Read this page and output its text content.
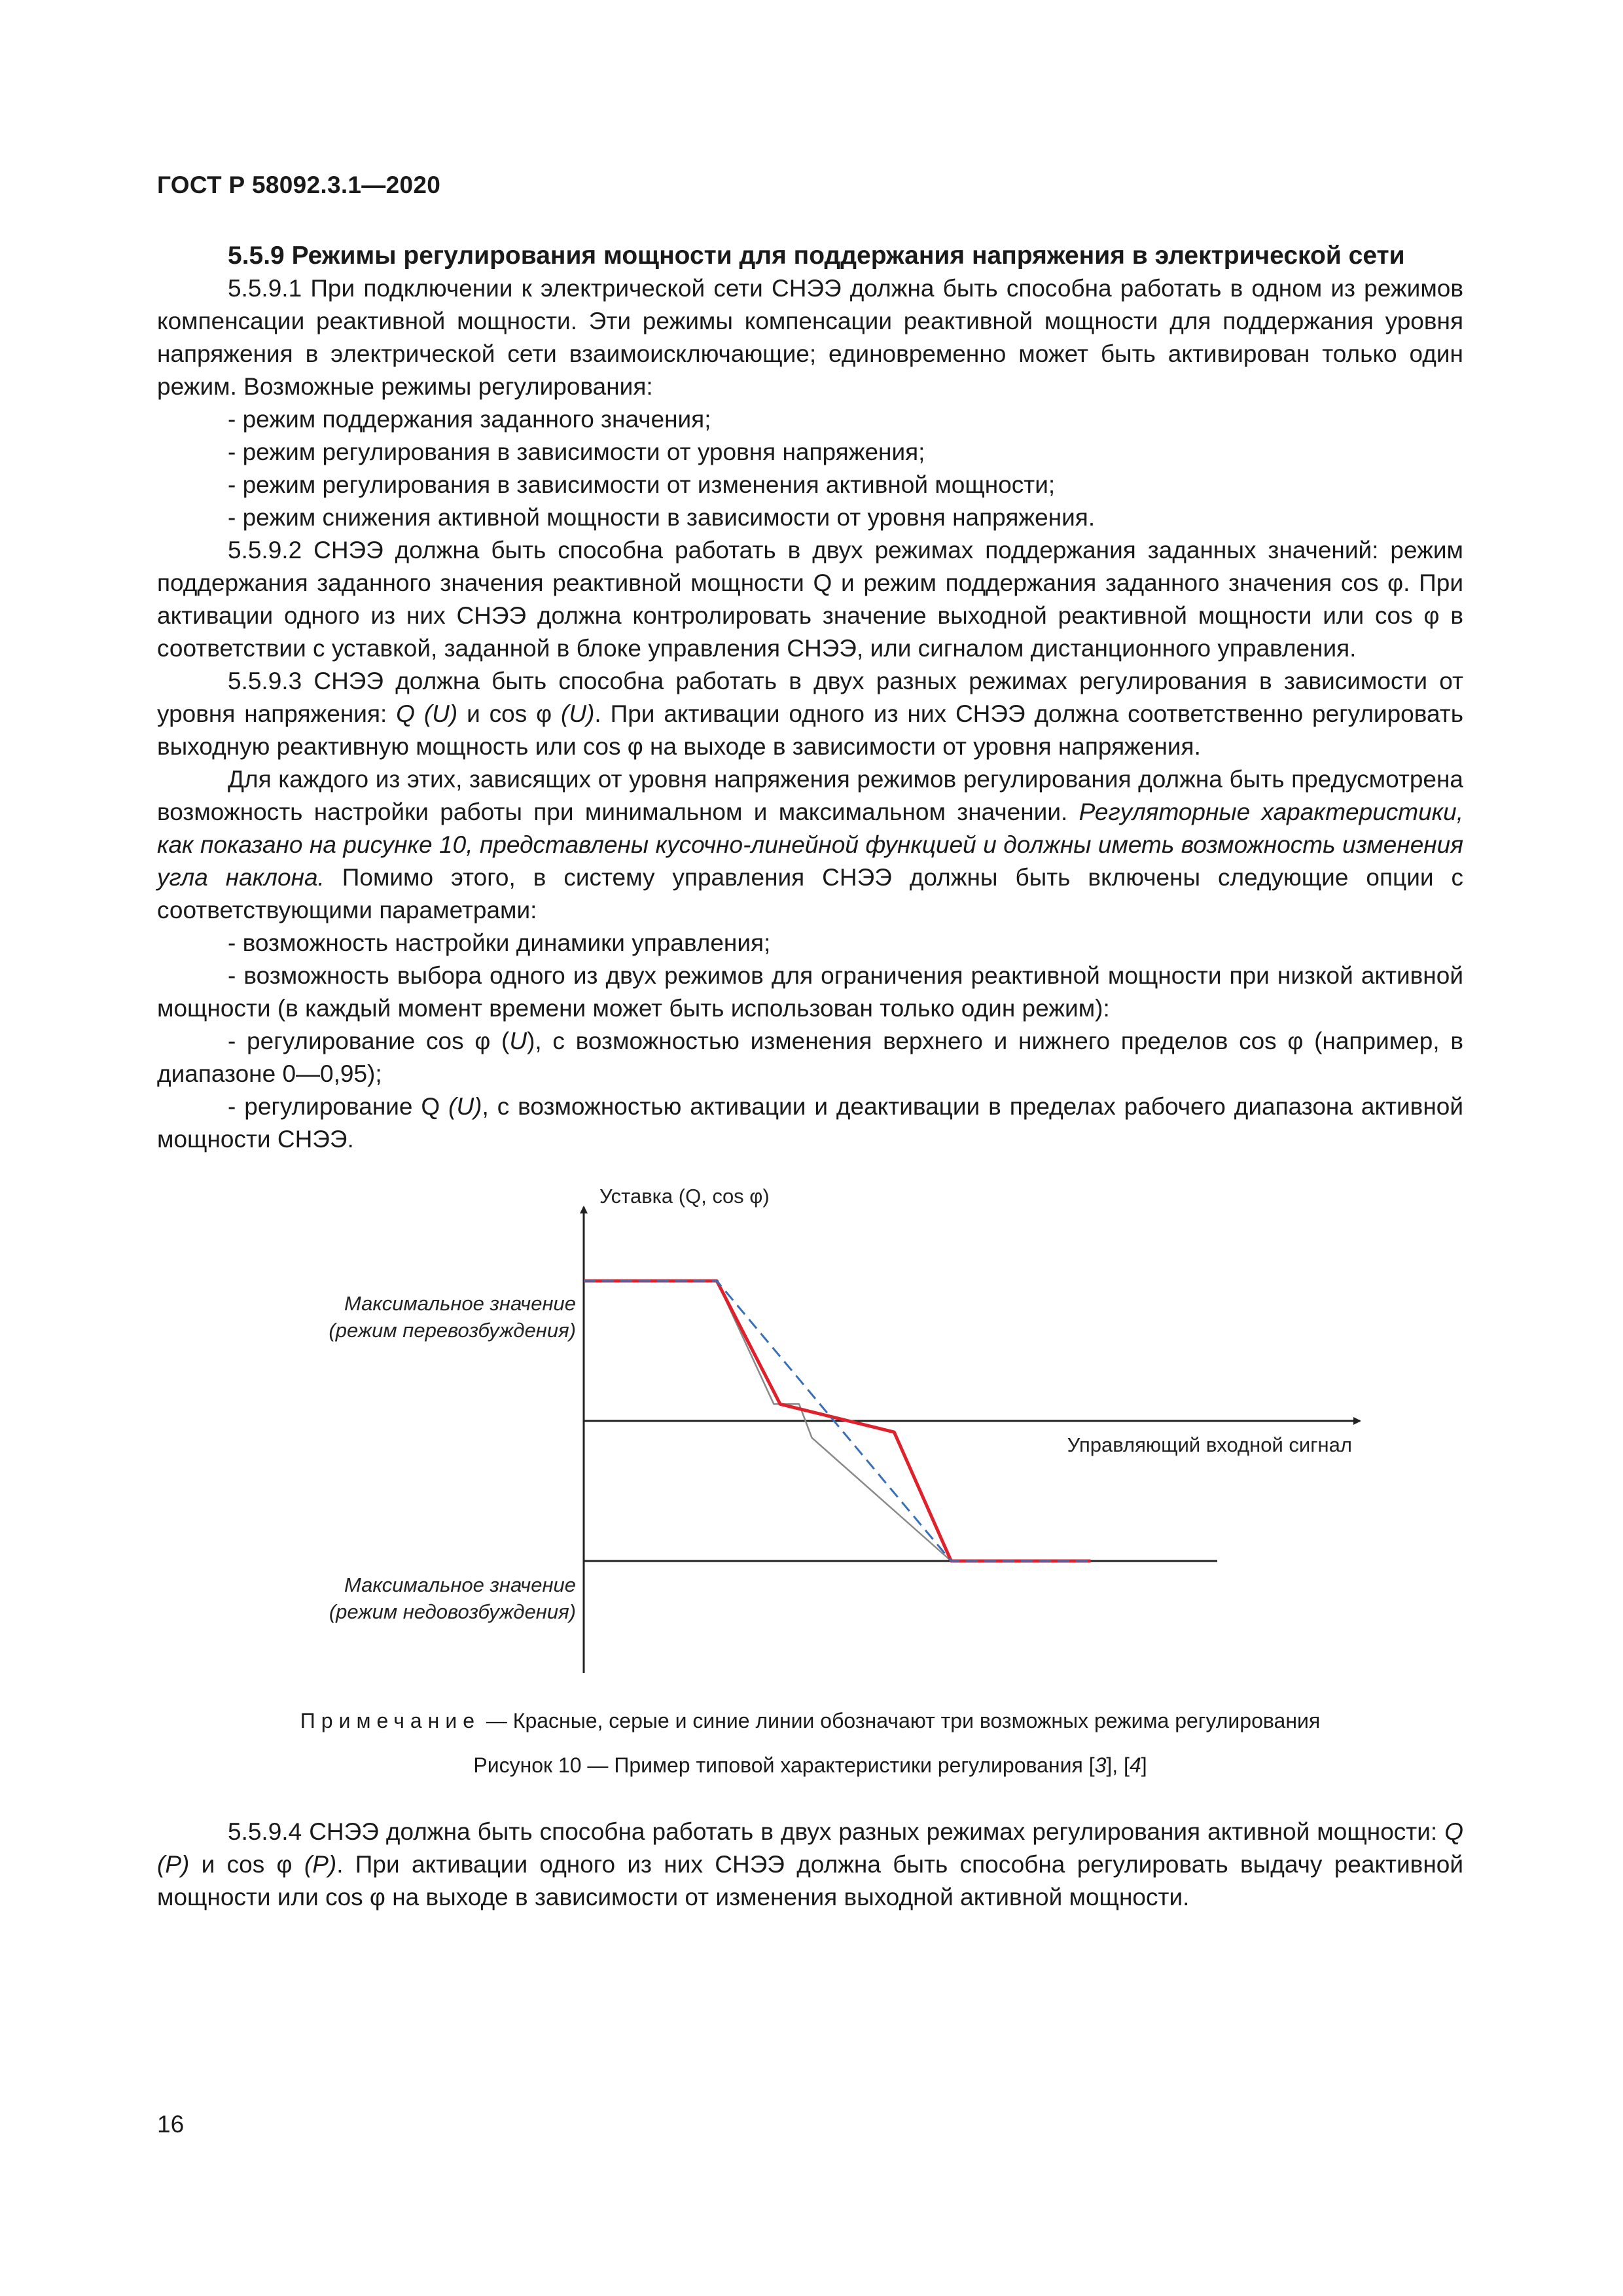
ГОСТ Р 58092.3.1—2020

5.5.9 Режимы регулирования мощности для поддержания напряжения в электрической сети

5.5.9.1 При подключении к электрической сети СНЭЭ должна быть способна работать в одном из режимов компенсации реактивной мощности. Эти режимы компенсации реактивной мощности для поддержания уровня напряжения в электрической сети взаимоисключающие; единовременно может быть активирован только один режим. Возможные режимы регулирования:

- режим поддержания заданного значения;
- режим регулирования в зависимости от уровня напряжения;
- режим регулирования в зависимости от изменения активной мощности;
- режим снижения активной мощности в зависимости от уровня напряжения.

5.5.9.2 СНЭЭ должна быть способна работать в двух режимах поддержания заданных значений: режим поддержания заданного значения реактивной мощности Q и режим поддержания заданного значения cos φ. При активации одного из них СНЭЭ должна контролировать значение выходной реактивной мощности или cos φ в соответствии с уставкой, заданной в блоке управления СНЭЭ, или сигналом дистанционного управления.

5.5.9.3 СНЭЭ должна быть способна работать в двух разных режимах регулирования в зависимости от уровня напряжения: Q (U) и cos φ (U). При активации одного из них СНЭЭ должна соответственно регулировать выходную реактивную мощность или cos φ на выходе в зависимости от уровня напряжения.

Для каждого из этих, зависящих от уровня напряжения режимов регулирования должна быть предусмотрена возможность настройки работы при минимальном и максимальном значении. Регуляторные характеристики, как показано на рисунке 10, представлены кусочно-линейной функцией и должны иметь возможность изменения угла наклона. Помимо этого, в систему управления СНЭЭ должны быть включены следующие опции с соответствующими параметрами:

- возможность настройки динамики управления;
- возможность выбора одного из двух режимов для ограничения реактивной мощности при низкой активной мощности (в каждый момент времени может быть использован только один режим):
- регулирование cos φ (U), с возможностью изменения верхнего и нижнего пределов cos φ (например, в диапазоне 0—0,95);
- регулирование Q (U), с возможностью активации и деактивации в пределах рабочего диапазона активной мощности СНЭЭ.
Уставка (Q, cos φ)
Управляющий входной сигнал
Максимальное значение
(режим перевозбуждения)
Максимальное значение
(режим недовозбуждения)

Примечание — Красные, серые и синие линии обозначают три возможных режима регулирования

Рисунок 10 — Пример типовой характеристики регулирования [3], [4]

5.5.9.4 СНЭЭ должна быть способна работать в двух разных режимах регулирования активной мощности: Q (P) и cos φ (P). При активации одного из них СНЭЭ должна быть способна регулировать выдачу реактивной мощности или cos φ на выходе в зависимости от изменения выходной активной мощности.

16
